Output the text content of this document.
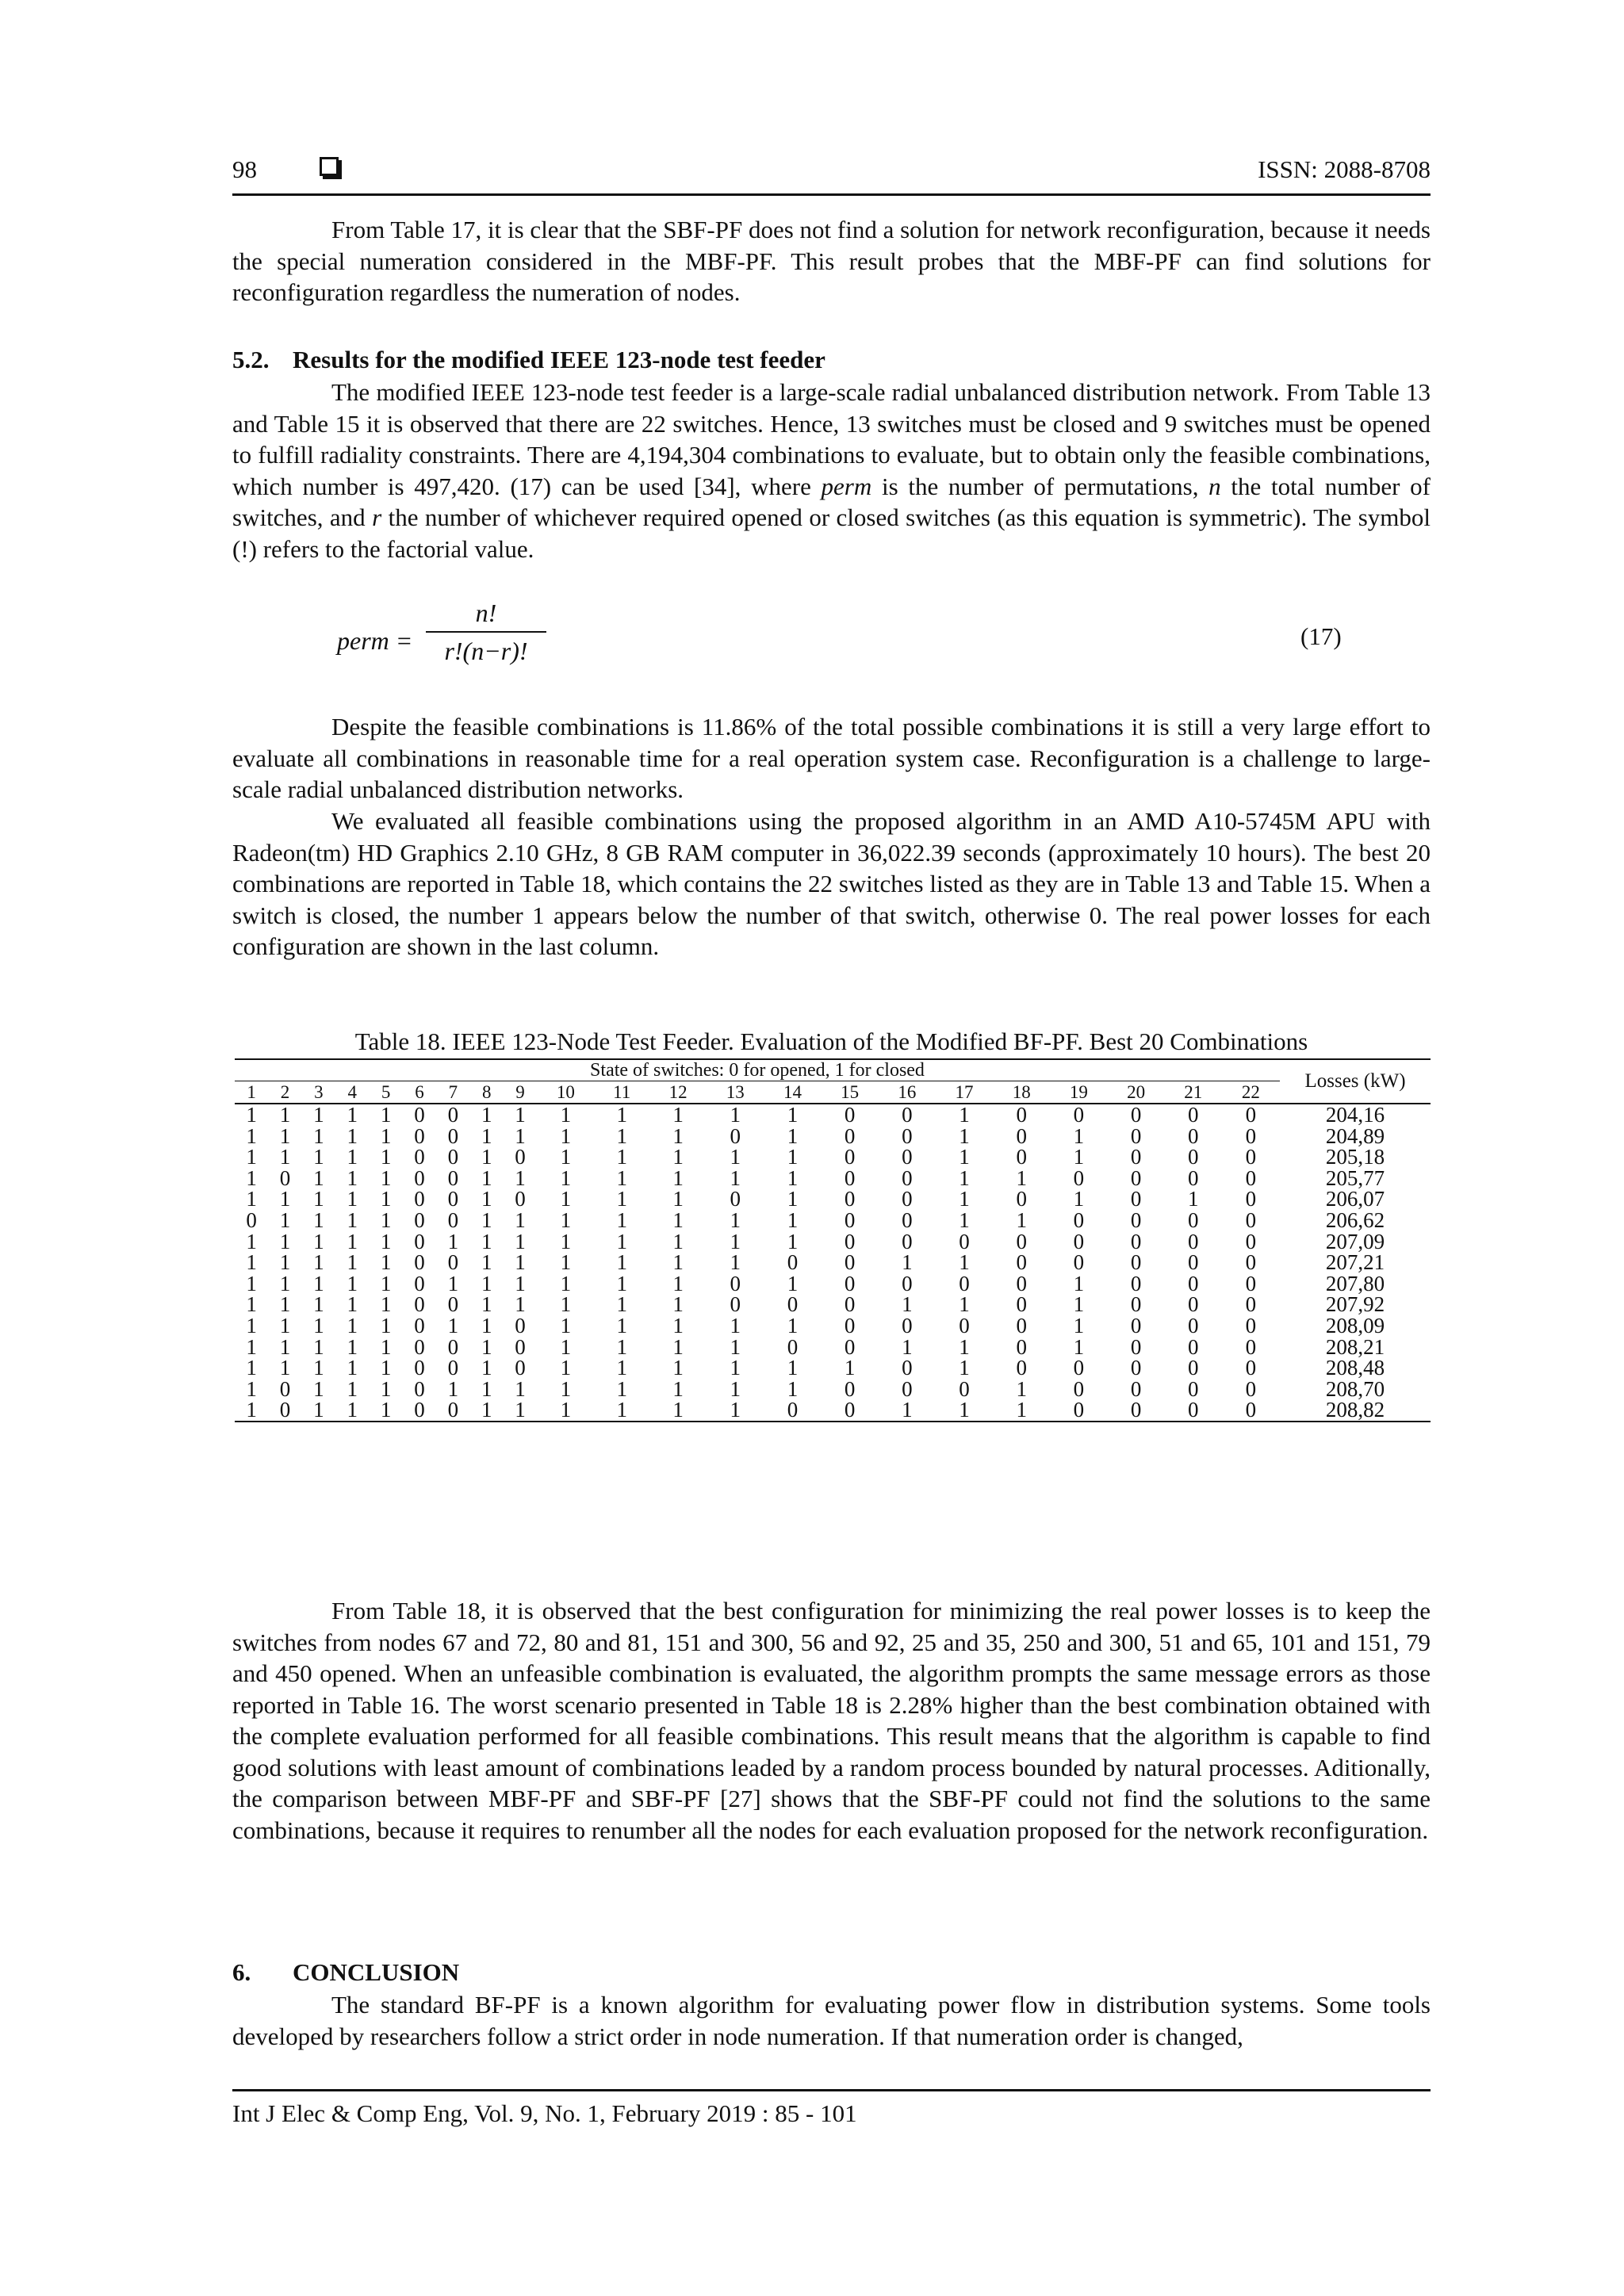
98	ISSN: 2088-8708

From Table 17, it is clear that the SBF-PF does not find a solution for network reconfiguration, because it needs the special numeration considered in the MBF-PF. This result probes that the MBF-PF can find solutions for reconfiguration regardless the numeration of nodes.

5.2. Results for the modified IEEE 123-node test feeder

The modified IEEE 123-node test feeder is a large-scale radial unbalanced distribution network. From Table 13 and Table 15 it is observed that there are 22 switches. Hence, 13 switches must be closed and 9 switches must be opened to fulfill radiality constraints. There are 4,194,304 combinations to evaluate, but to obtain only the feasible combinations, which number is 497,420. (17) can be used [34], where perm is the number of permutations, n the total number of switches, and r the number of whichever required opened or closed switches (as this equation is symmetric). The symbol (!) refers to the factorial value.

perm =
n!
r!(n−r)!
(17)

Despite the feasible combinations is 11.86% of the total possible combinations it is still a very large effort to evaluate all combinations in reasonable time for a real operation system case. Reconfiguration is a challenge to large-scale radial unbalanced distribution networks.

We evaluated all feasible combinations using the proposed algorithm in an AMD A10-5745M APU with Radeon(tm) HD Graphics 2.10 GHz, 8 GB RAM computer in 36,022.39 seconds (approximately 10 hours). The best 20 combinations are reported in Table 18, which contains the 22 switches listed as they are in Table 13 and Table 15. When a switch is closed, the number 1 appears below the number of that switch, otherwise 0. The real power losses for each configuration are shown in the last column.

Table 18. IEEE 123-Node Test Feeder. Evaluation of the Modified BF-PF. Best 20 Combinations
State of switches: 0 for opened, 1 for closed																						Losses (kW)
1	2	3	4	5	6	7	8	9	10	11	12	13	14	15	16	17	18	19	20	21	22	
1	1	1	1	1	0	0	1	1	1	1	1	1	1	0	0	1	0	0	0	0	0	204,16
1	1	1	1	1	0	0	1	1	1	1	1	0	1	0	0	1	0	1	0	0	0	204,89
1	1	1	1	1	0	0	1	0	1	1	1	1	1	0	0	1	0	1	0	0	0	205,18
1	0	1	1	1	0	0	1	1	1	1	1	1	1	0	0	1	1	0	0	0	0	205,77
1	1	1	1	1	0	0	1	0	1	1	1	0	1	0	0	1	0	1	0	1	0	206,07
0	1	1	1	1	0	0	1	1	1	1	1	1	1	0	0	1	1	0	0	0	0	206,62
1	1	1	1	1	0	1	1	1	1	1	1	1	1	0	0	0	0	0	0	0	0	207,09
1	1	1	1	1	0	0	1	1	1	1	1	1	0	0	1	1	0	0	0	0	0	207,21
1	1	1	1	1	0	1	1	1	1	1	1	0	1	0	0	0	0	1	0	0	0	207,80
1	1	1	1	1	0	0	1	1	1	1	1	0	0	0	1	1	0	1	0	0	0	207,92
1	1	1	1	1	0	1	1	0	1	1	1	1	1	0	0	0	0	1	0	0	0	208,09
1	1	1	1	1	0	0	1	0	1	1	1	1	0	0	1	1	0	1	0	0	0	208,21
1	1	1	1	1	0	0	1	0	1	1	1	1	1	1	0	1	0	0	0	0	0	208,48
1	0	1	1	1	0	1	1	1	1	1	1	1	1	0	0	0	1	0	0	0	0	208,70
1	0	1	1	1	0	0	1	1	1	1	1	1	0	0	1	1	1	0	0	0	0	208,82

From Table 18, it is observed that the best configuration for minimizing the real power losses is to keep the switches from nodes 67 and 72, 80 and 81, 151 and 300, 56 and 92, 25 and 35, 250 and 300, 51 and 65, 101 and 151, 79 and 450 opened. When an unfeasible combination is evaluated, the algorithm prompts the same message errors as those reported in Table 16. The worst scenario presented in Table 18 is 2.28% higher than the best combination obtained with the complete evaluation performed for all feasible combinations. This result means that the algorithm is capable to find good solutions with least amount of combinations leaded by a random process bounded by natural processes. Aditionally, the comparison between MBF-PF and SBF-PF [27] shows that the SBF-PF could not find the solutions to the same combinations, because it requires to renumber all the nodes for each evaluation proposed for the network reconfiguration.

6. CONCLUSION

The standard BF-PF is a known algorithm for evaluating power flow in distribution systems. Some tools developed by researchers follow a strict order in node numeration. If that numeration order is changed,

Int J Elec & Comp Eng, Vol. 9, No. 1, February 2019 : 85 - 101
